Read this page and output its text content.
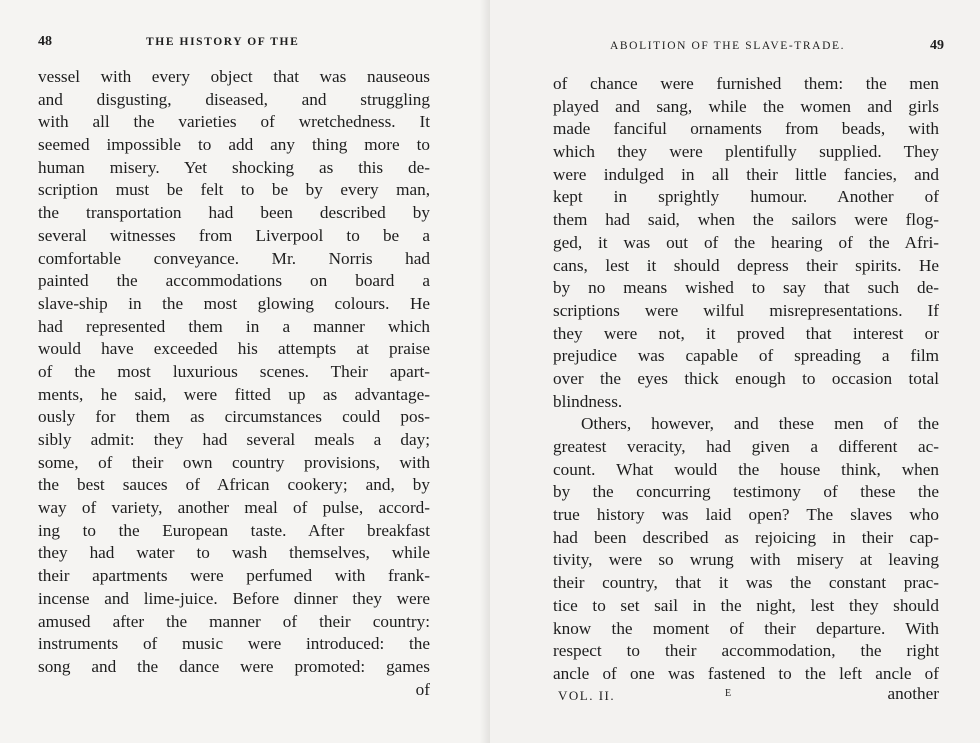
48	THE HISTORY OF THE
vessel with every object that was nauseous
and disgusting, diseased, and struggling
with all the varieties of wretchedness. It
seemed impossible to add any thing more to
human misery. Yet shocking as this de-
scription must be felt to be by every man,
the transportation had been described by
several witnesses from Liverpool to be a
comfortable conveyance. Mr. Norris had
painted the accommodations on board a
slave-ship in the most glowing colours. He
had represented them in a manner which
would have exceeded his attempts at praise
of the most luxurious scenes. Their apart-
ments, he said, were fitted up as advantage-
ously for them as circumstances could pos-
sibly admit: they had several meals a day;
some, of their own country provisions, with
the best sauces of African cookery; and, by
way of variety, another meal of pulse, accord-
ing to the European taste. After breakfast
they had water to wash themselves, while
their apartments were perfumed with frank-
incense and lime-juice. Before dinner they were
amused after the manner of their country:
instruments of music were introduced: the
song and the dance were promoted: games
of
ABOLITION OF THE SLAVE-TRADE.	49
of chance were furnished them: the men
played and sang, while the women and girls
made fanciful ornaments from beads, with
which they were plentifully supplied. They
were indulged in all their little fancies, and
kept in sprightly humour. Another of
them had said, when the sailors were flog-
ged, it was out of the hearing of the Afri-
cans, lest it should depress their spirits. He
by no means wished to say that such de-
scriptions were wilful misrepresentations. If
they were not, it proved that interest or
prejudice was capable of spreading a film
over the eyes thick enough to occasion total
blindness.
Others, however, and these men of the
greatest veracity, had given a different ac-
count. What would the house think, when
by the concurring testimony of these the
true history was laid open? The slaves who
had been described as rejoicing in their cap-
tivity, were so wrung with misery at leaving
their country, that it was the constant prac-
tice to set sail in the night, lest they should
know the moment of their departure. With
respect to their accommodation, the right
ancle of one was fastened to the left ancle of
VOL. II.	E	another
